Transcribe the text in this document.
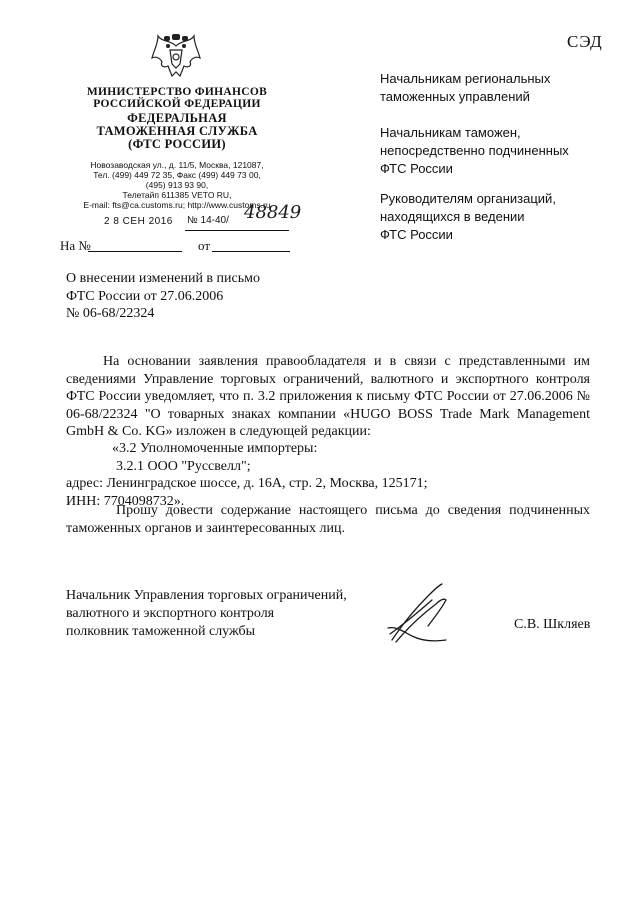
СЭД
МИНИСТЕРСТВО ФИНАНСОВ
РОССИЙСКОЙ ФЕДЕРАЦИИ
ФЕДЕРАЛЬНАЯ
ТАМОЖЕННАЯ СЛУЖБА
(ФТС РОССИИ)
Новозаводская ул., д. 11/5, Москва, 121087,
Тел. (499) 449 72 35, Факс (499) 449 73 00,
(495) 913 93 90,
Телетайп 611385 VETO RU,
E-mail: fts@ca.customs.ru; http://www.customs.ru
2 8 СЕН 2016 № 14-40/ 48849
На №	от
Начальникам региональных
таможенных управлений
Начальникам таможен,
непосредственно подчиненных
ФТС России
Руководителям организаций,
находящихся в ведении
ФТС России
О внесении изменений в письмо
ФТС России от 27.06.2006
№ 06-68/22324
На основании заявления правообладателя и в связи с представленными им сведениями Управление торговых ограничений, валютного и экспортного контроля ФТС России уведомляет, что п. 3.2 приложения к письму ФТС России от 27.06.2006 № 06-68/22324 "О товарных знаках компании «HUGO BOSS Trade Mark Management GmbH & Co. KG» изложен в следующей редакции:
«3.2 Уполномоченные импортеры:
3.2.1 ООО "Руссвелл";
адрес: Ленинградское шоссе, д. 16А, стр. 2, Москва, 125171;
ИНН: 7704098732».
Прошу довести содержание настоящего письма до сведения подчиненных таможенных органов и заинтересованных лиц.
Начальник Управления торговых ограничений,
валютного и экспортного контроля
полковник таможенной службы	С.В. Шкляев
